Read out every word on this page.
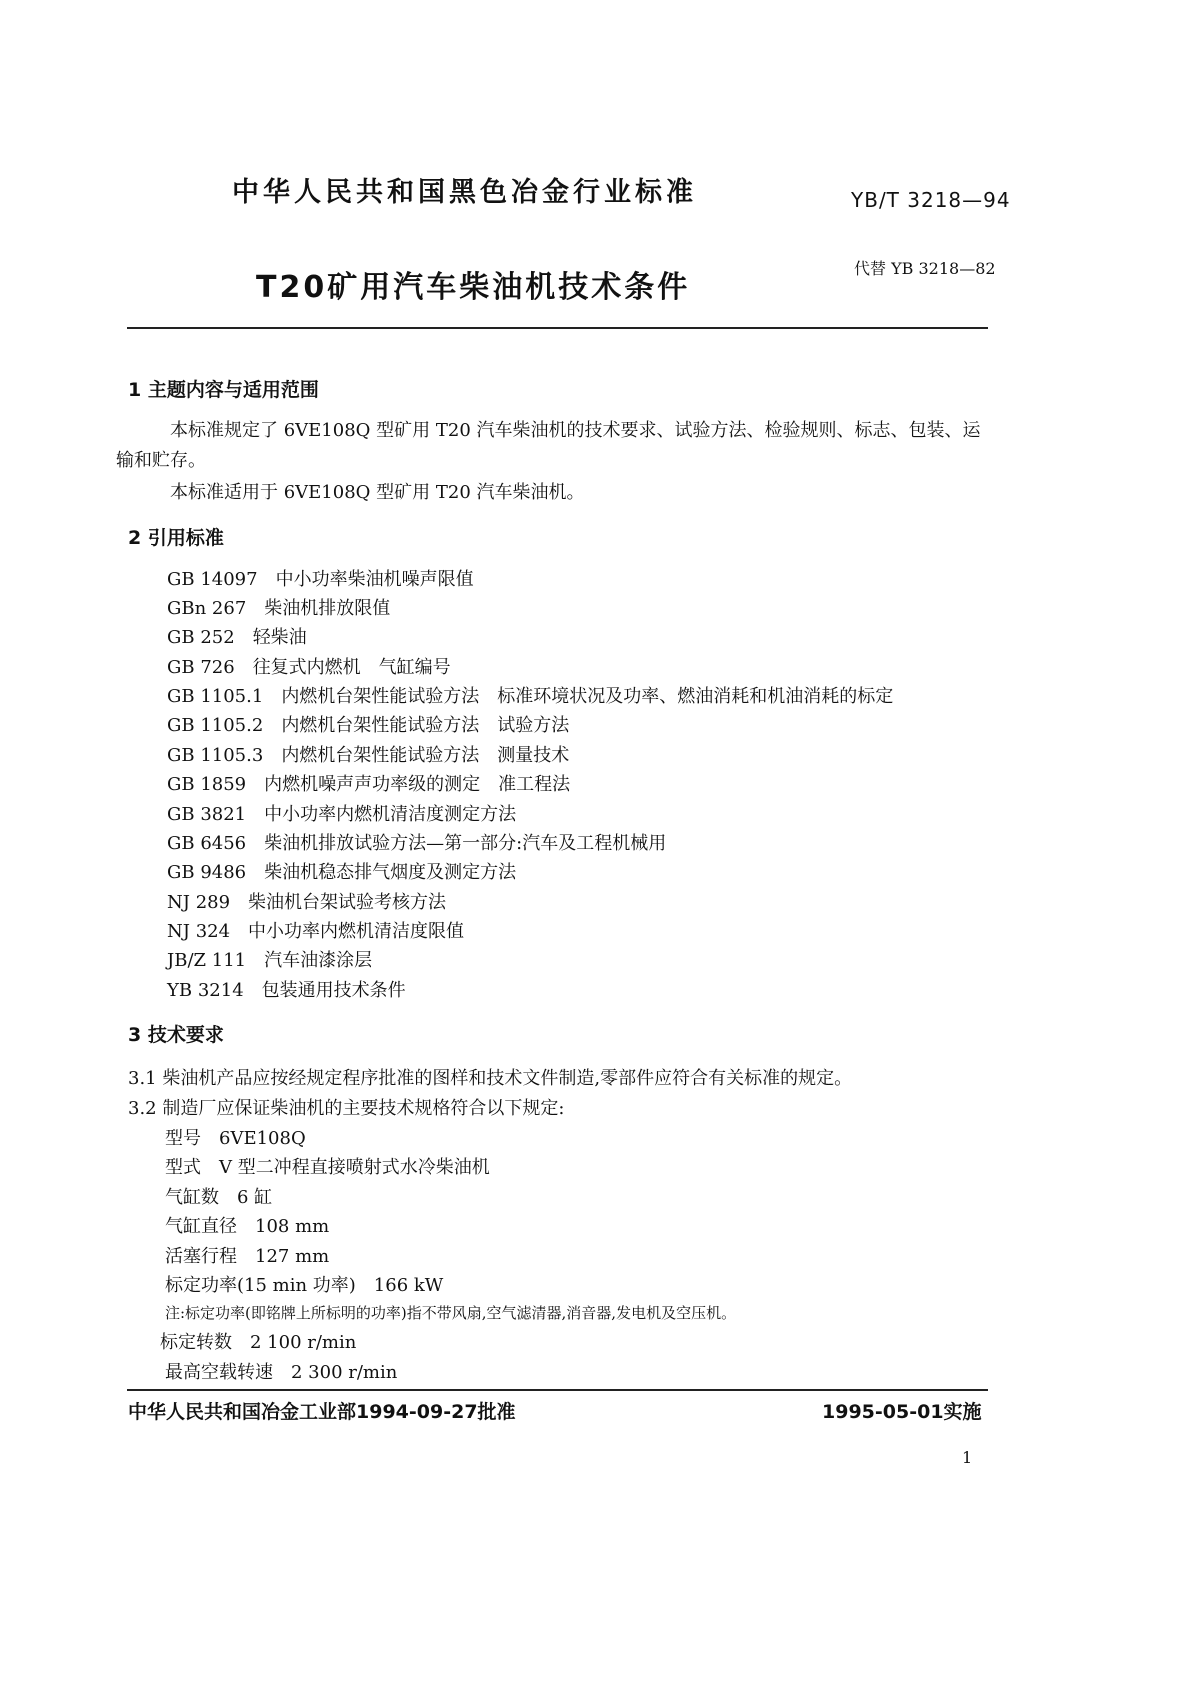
中华人民共和国黑色冶金行业标准	YB/T 3218—94
T20矿用汽车柴油机技术条件
代替 YB 3218—82
1 主题内容与适用范围
本标准规定了 6VE108Q 型矿用 T20 汽车柴油机的技术要求、试验方法、检验规则、标志、包装、运
输和贮存。
本标准适用于 6VE108Q 型矿用 T20 汽车柴油机。
2 引用标准
GB 14097　 中小功率柴油机噪声限值
GBn 267　 柴油机排放限值
GB 252　 轻柴油
GB 726　 往复式内燃机　气缸编号
GB 1105.1　 内燃机台架性能试验方法　标准环境状况及功率、燃油消耗和机油消耗的标定
GB 1105.2　 内燃机台架性能试验方法　试验方法
GB 1105.3　 内燃机台架性能试验方法　测量技术
GB 1859　 内燃机噪声声功率级的测定　准工程法
GB 3821　 中小功率内燃机清洁度测定方法
GB 6456　 柴油机排放试验方法—第一部分:汽车及工程机械用
GB 9486　 柴油机稳态排气烟度及测定方法
NJ 289　 柴油机台架试验考核方法
NJ 324　 中小功率内燃机清洁度限值
JB/Z 111　 汽车油漆涂层
YB 3214　 包装通用技术条件
3 技术要求
3.1 柴油机产品应按经规定程序批准的图样和技术文件制造,零部件应符合有关标准的规定。
3.2 制造厂应保证柴油机的主要技术规格符合以下规定:
型号　6VE108Q
型式　V 型二冲程直接喷射式水冷柴油机
气缸数　6 缸
气缸直径　108 mm
活塞行程　127 mm
标定功率(15 min 功率)　166 kW
注:标定功率(即铭牌上所标明的功率)指不带风扇,空气滤清器,消音器,发电机及空压机。
标定转数　2 100 r/min
最高空载转速　2 300 r/min
中华人民共和国冶金工业部1994-09-27批准	1995-05-01实施
1
